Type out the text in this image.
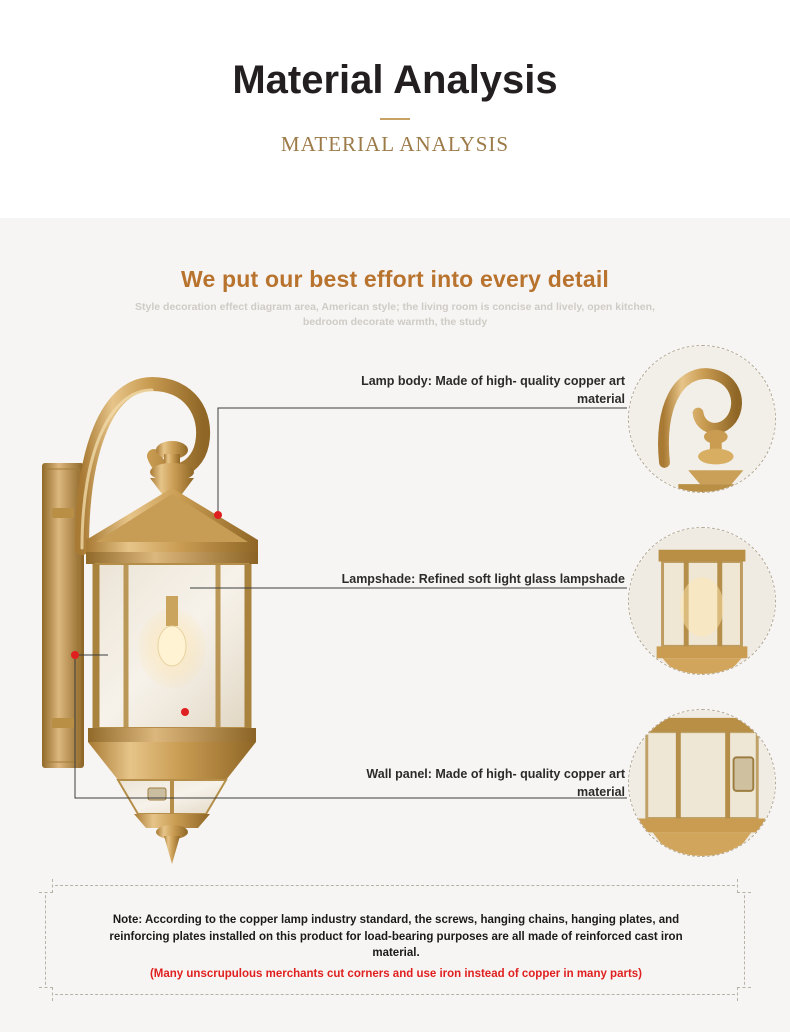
Material Analysis

MATERIAL ANALYSIS

We put our best effort into every detail
Style decoration effect diagram area, American style; the living room is concise and lively, open kitchen, bedroom decorate warmth, the study
Lamp body: Made of high- quality copper art material
Lampshade: Refined soft light glass lampshade
Wall panel: Made of high- quality copper art material
Note: According to the copper lamp industry standard, the screws, hanging chains, hanging plates, and reinforcing plates installed on this product for load-bearing purposes are all made of reinforced cast iron material.
(Many unscrupulous merchants cut corners and use iron instead of copper in many parts)
